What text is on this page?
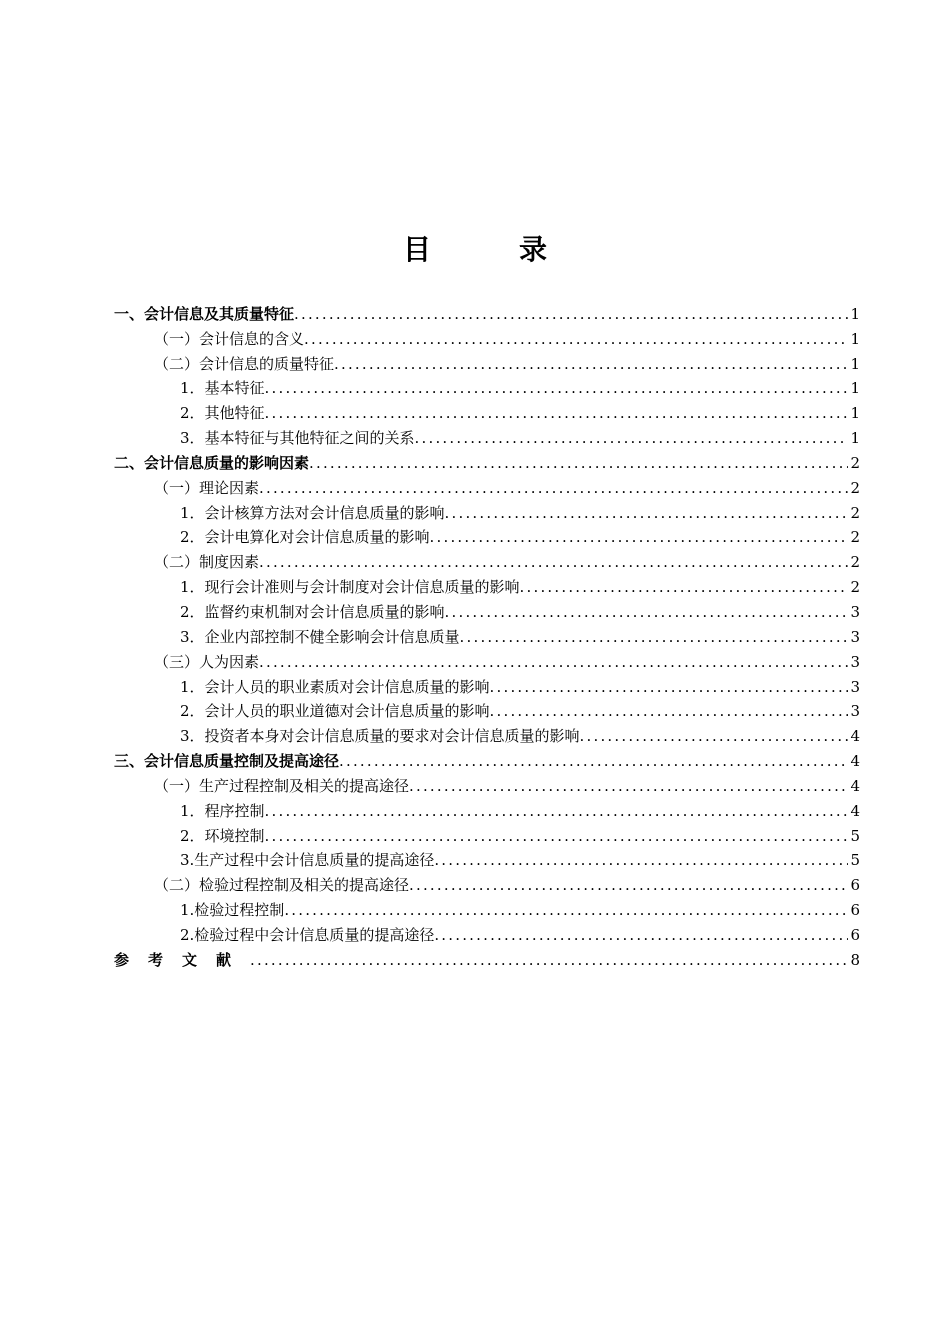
目　录
一、会计信息及其质量特征 .....	1
（一）会计信息的含义 .....	1
（二）会计信息的质量特征 .....	1
1．基本特征 .....	1
2．其他特征 .....	1
3．基本特征与其他特征之间的关系 .....	1
二、会计信息质量的影响因素 .....	2
（一）理论因素 .....	2
1．会计核算方法对会计信息质量的影响 .....	2
2．会计电算化对会计信息质量的影响 .....	2
（二）制度因素 .....	2
1．现行会计准则与会计制度对会计信息质量的影响 .....	2
2．监督约束机制对会计信息质量的影响 .....	3
3．企业内部控制不健全影响会计信息质量 .....	3
（三）人为因素 .....	3
1．会计人员的职业素质对会计信息质量的影响 .....	3
2．会计人员的职业道德对会计信息质量的影响 .....	3
3．投资者本身对会计信息质量的要求对会计信息质量的影响 .....	4
三、会计信息质量控制及提高途径 .....	4
（一）生产过程控制及相关的提高途径 .....	4
1．程序控制 .....	4
2．环境控制 .....	5
3.生产过程中会计信息质量的提高途径 .....	5
（二）检验过程控制及相关的提高途径 .....	6
1.检验过程控制 .....	6
2.检验过程中会计信息质量的提高途径 .....	6
参考文献 .....	8
